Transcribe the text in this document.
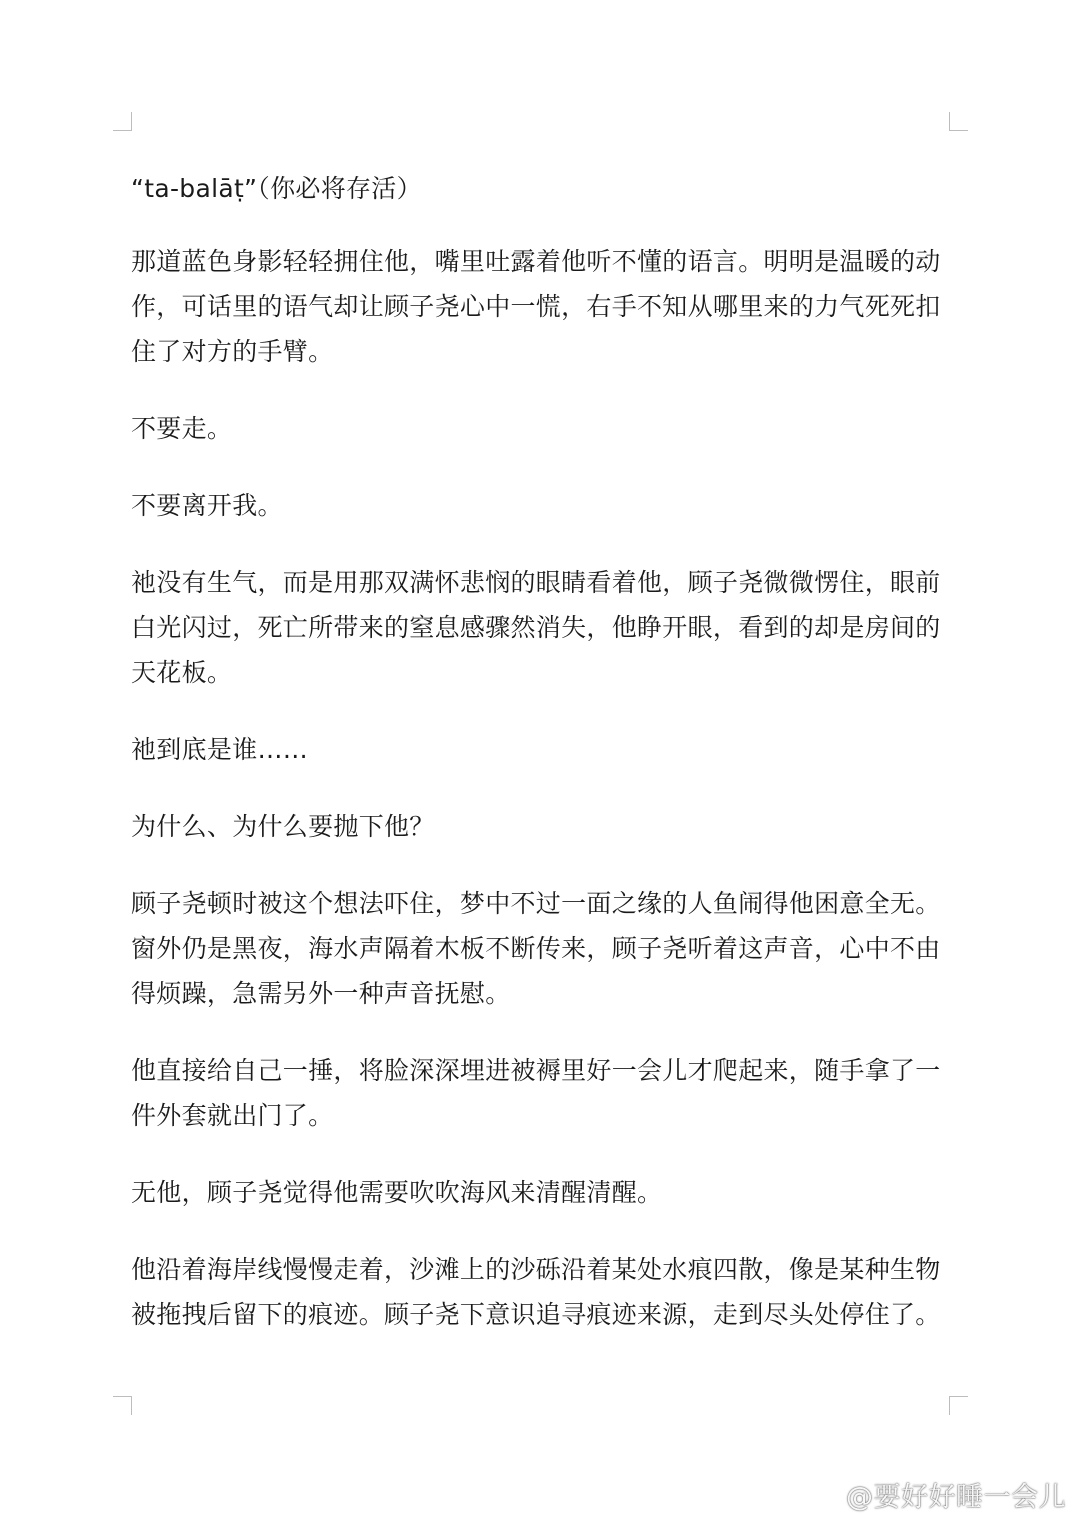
“ta-balāṭ”（你必将存活）

那道蓝色身影轻轻拥住他，嘴里吐露着他听不懂的语言。明明是温暖的动作，可话里的语气却让顾子尧心中一慌，右手不知从哪里来的力气死死扣住了对方的手臂。

不要走。

不要离开我。

祂没有生气，而是用那双满怀悲悯的眼睛看着他，顾子尧微微愣住，眼前白光闪过，死亡所带来的窒息感骤然消失，他睁开眼，看到的却是房间的天花板。

祂到底是谁……

为什么、为什么要抛下他？

顾子尧顿时被这个想法吓住，梦中不过一面之缘的人鱼闹得他困意全无。窗外仍是黑夜，海水声隔着木板不断传来，顾子尧听着这声音，心中不由得烦躁，急需另外一种声音抚慰。

他直接给自己一捶，将脸深深埋进被褥里好一会儿才爬起来，随手拿了一件外套就出门了。

无他，顾子尧觉得他需要吹吹海风来清醒清醒。

他沿着海岸线慢慢走着，沙滩上的沙砾沿着某处水痕四散，像是某种生物被拖拽后留下的痕迹。顾子尧下意识追寻痕迹来源，走到尽头处停住了。

@要好好睡一会儿
